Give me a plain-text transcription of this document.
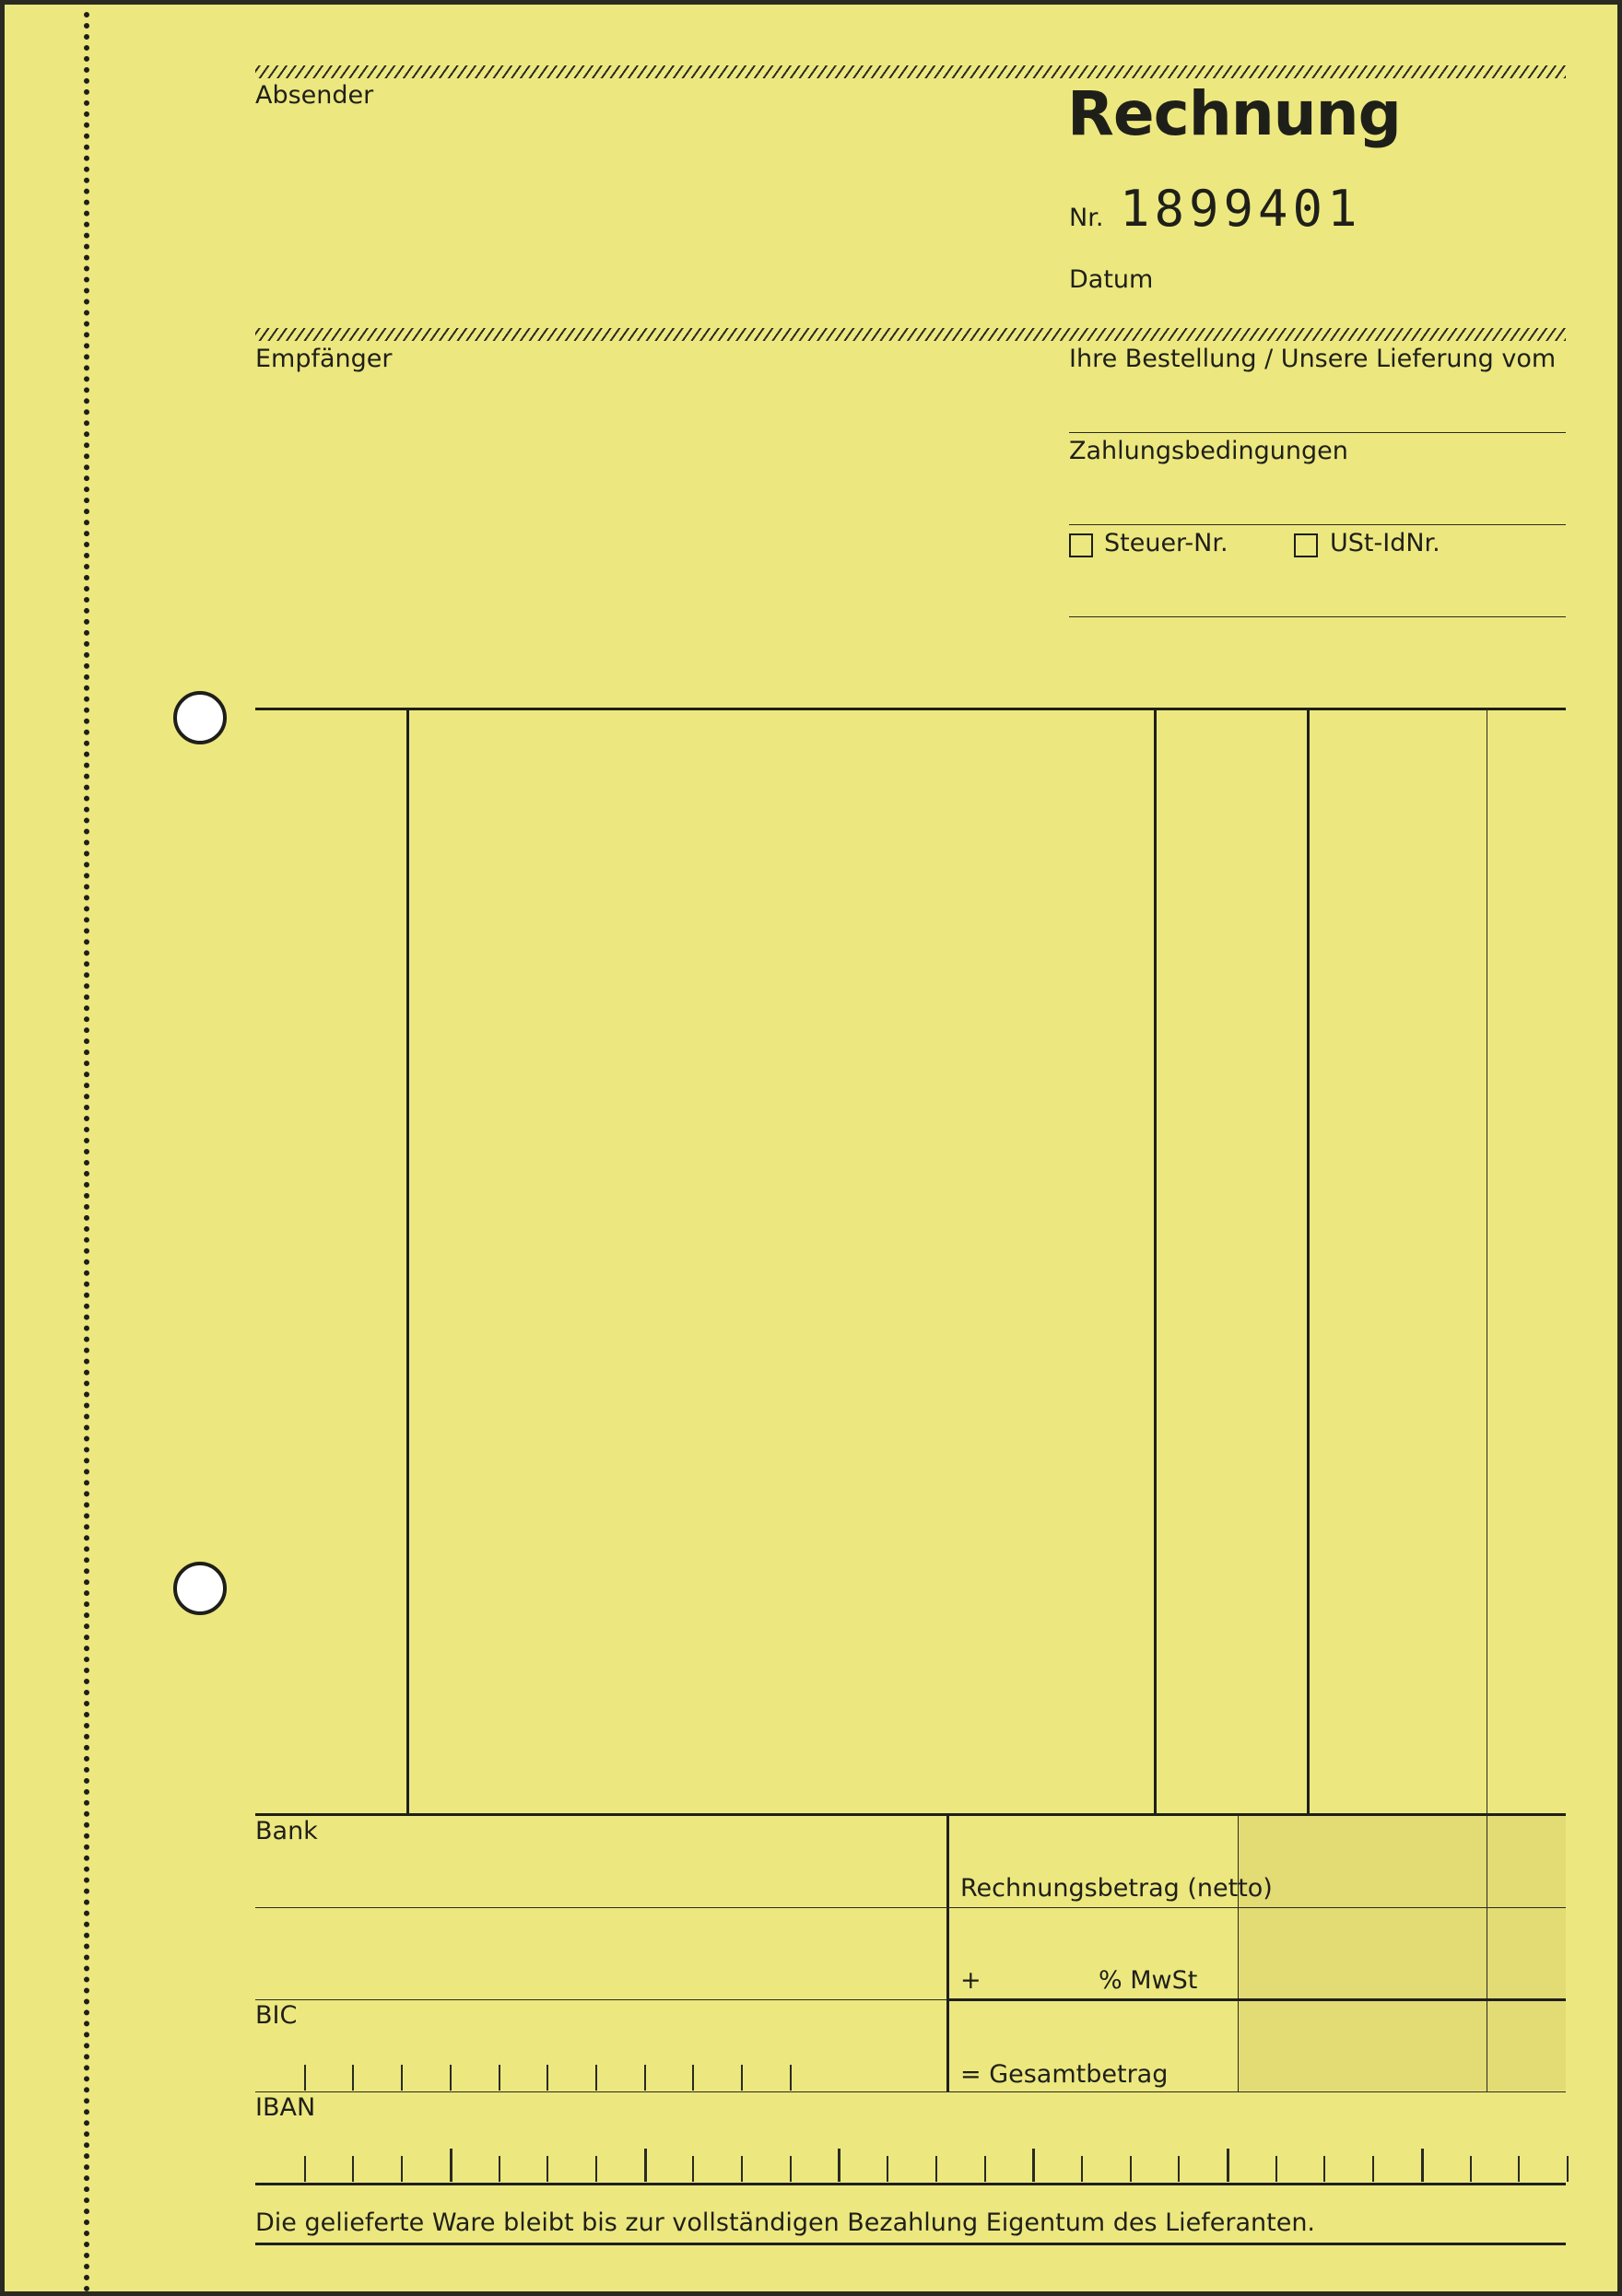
Absender	Rechnung
Nr. 1899401
Datum
Empfänger	Ihre Bestellung / Unsere Lieferung vom
Zahlungsbedingungen
Steuer-Nr.	USt-IdNr.
Bank
Rechnungsbetrag (netto)
+	% MwSt
BIC
= Gesamtbetrag
IBAN
Die gelieferte Ware bleibt bis zur vollständigen Bezahlung Eigentum des Lieferanten.
